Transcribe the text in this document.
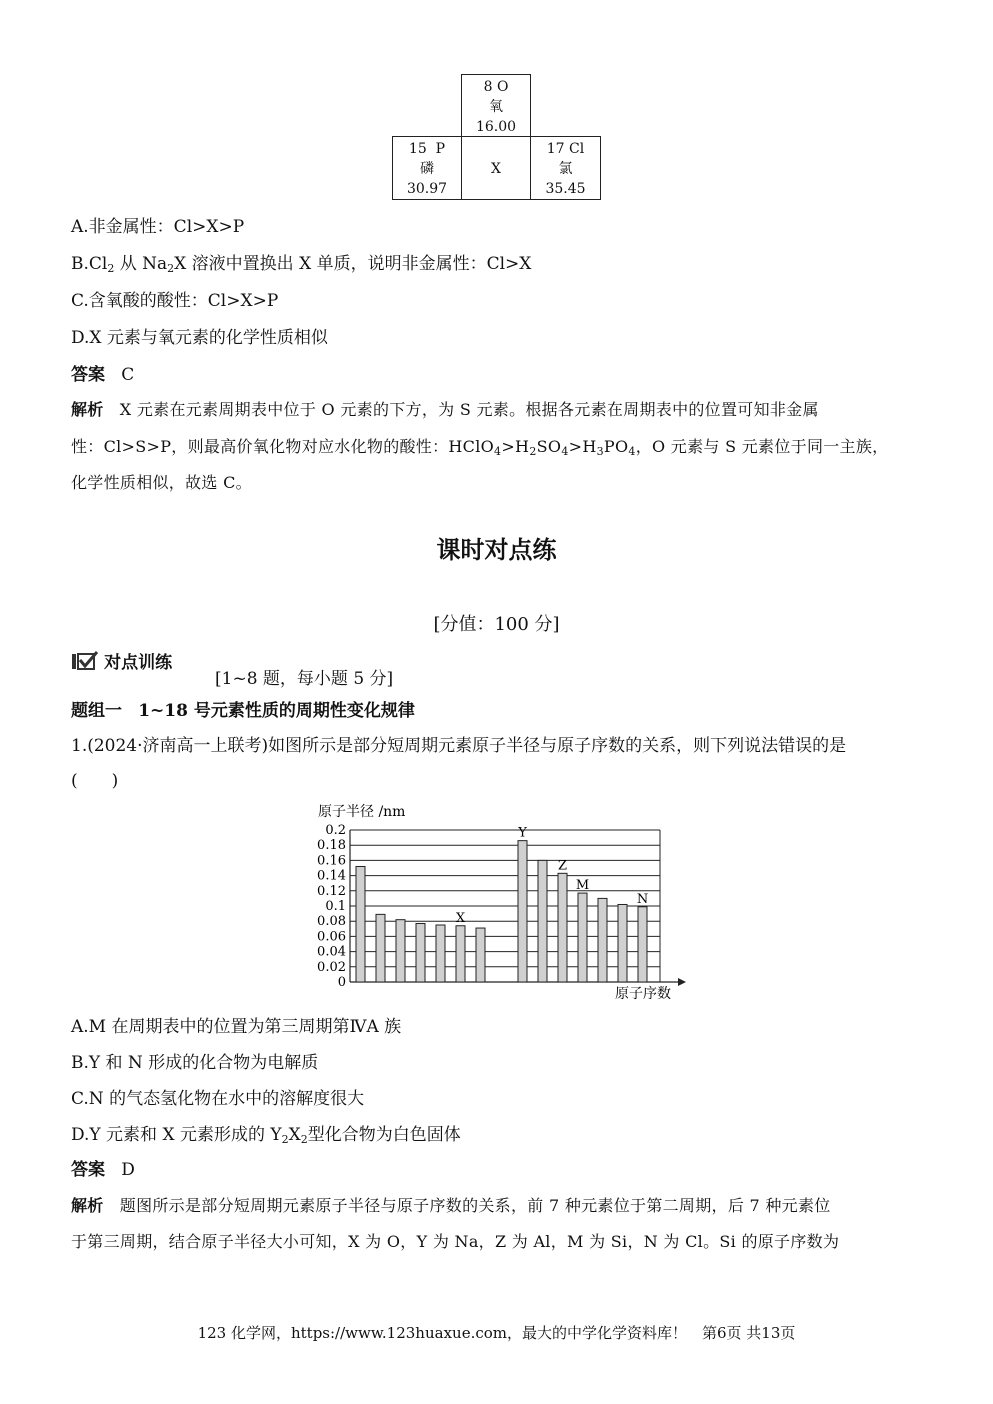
8 O
氧
16.00
15 P
磷
30.97
X
17 Cl
氯
35.45
A.非金属性：Cl>X>P
$B.Cl_2$ 从 $Na_2X$ 溶液中置换出 X 单质，说明非金属性：Cl>X
C.含氧酸的酸性：Cl>X>P
D.X 元素与氧元素的化学性质相似
答案 C
解析 X 元素在元素周期表中位于 O 元素的下方，为 S 元素。根据各元素在周期表中的位置可知非金属
性：Cl>S>P，则最高价氧化物对应水化物的酸性：$HClO_4>H_2SO_4>H_3PO_4$，O 元素与 S 元素位于同一主族，
化学性质相似，故选 C。
课时对点练
[分值：100 分]
对点训练
[1~8 题，每小题 5 分]
题组一 1~18 号元素性质的周期性变化规律
1.(2024·济南高一上联考)如图所示是部分短周期元素原子半径与原子序数的关系，则下列说法错误的是
(　　)
0
0.02
0.04
0.06
0.08
0.1
0.12
0.14
0.16
0.18
0.2
X
Y
Z
M
N
原子半径 /nm
原子序数
A.M 在周期表中的位置为第三周期第ⅣA 族
B.Y 和 N 形成的化合物为电解质
C.N 的气态氢化物在水中的溶解度很大
D.Y 元素和 X 元素形成的 $Y_2X_2$型化合物为白色固体
答案 D
解析 题图所示是部分短周期元素原子半径与原子序数的关系，前 7 种元素位于第二周期，后 7 种元素位
于第三周期，结合原子半径大小可知，X 为 O，Y 为 Na，Z 为 Al，M 为 Si，N 为 Cl。Si 的原子序数为
123 化学网，https://www.123huaxue.com，最大的中学化学资料库！　第6页 共13页
